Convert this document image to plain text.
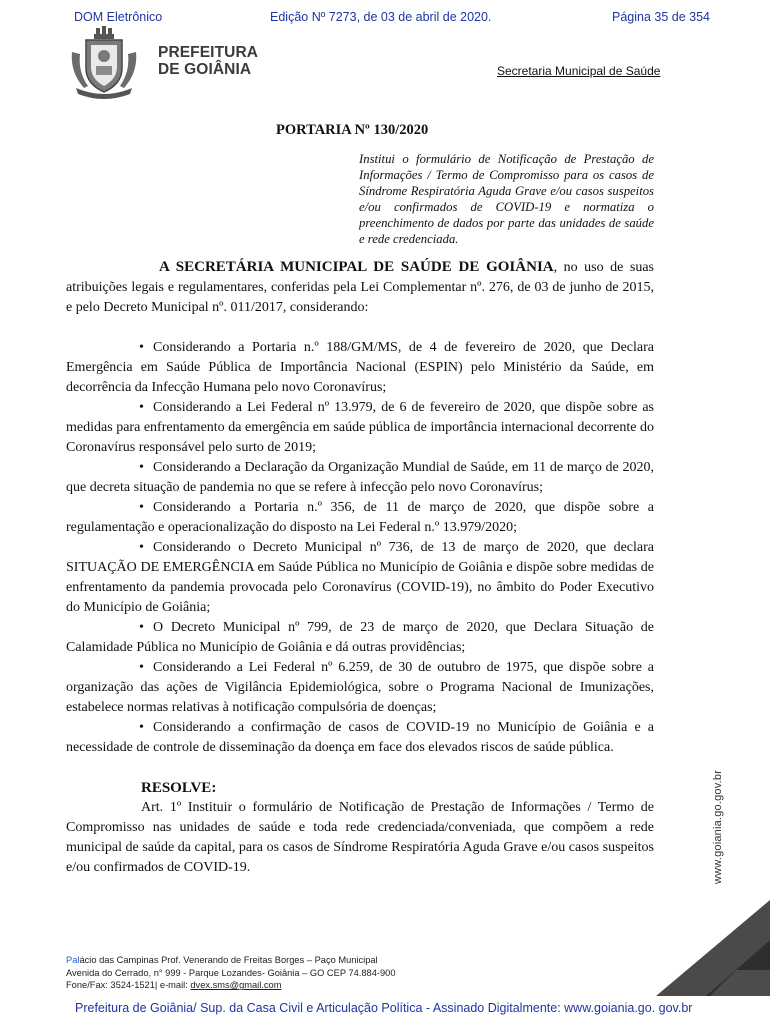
DOM Eletrônico	Edição Nº 7273, de 03 de abril de 2020.	Página 35 de 354
PREFEITURA
DE GOIÂNIA	Secretaria Municipal de Saúde
PORTARIA Nº 130/2020
Institui o formulário de Notificação de Prestação de Informações / Termo de Compromisso para os casos de Síndrome Respiratória Aguda Grave e/ou casos suspeitos e/ou confirmados de COVID-19 e normatiza o preenchimento de dados por parte das unidades de saúde e rede credenciada.

A SECRETÁRIA MUNICIPAL DE SAÚDE DE GOIÂNIA, no uso de suas atribuições legais e regulamentares, conferidas pela Lei Complementar nº. 276, de 03 de junho de 2015, e pelo Decreto Municipal nº. 011/2017, considerando:

• Considerando a Portaria n.º 188/GM/MS, de 4 de fevereiro de 2020, que Declara Emergência em Saúde Pública de Importância Nacional (ESPIN) pelo Ministério da Saúde, em decorrência da Infecção Humana pelo novo Coronavírus;

• Considerando a Lei Federal nº 13.979, de 6 de fevereiro de 2020, que dispõe sobre as medidas para enfrentamento da emergência em saúde pública de importância internacional decorrente do Coronavírus responsável pelo surto de 2019;

• Considerando a Declaração da Organização Mundial de Saúde, em 11 de março de 2020, que decreta situação de pandemia no que se refere à infecção pelo novo Coronavírus;

• Considerando a Portaria n.º 356, de 11 de março de 2020, que dispõe sobre a regulamentação e operacionalização do disposto na Lei Federal n.º 13.979/2020;

• Considerando o Decreto Municipal nº 736, de 13 de março de 2020, que declara SITUAÇÃO DE EMERGÊNCIA em Saúde Pública no Município de Goiânia e dispõe sobre medidas de enfrentamento da pandemia provocada pelo Coronavírus (COVID-19), no âmbito do Poder Executivo do Município de Goiânia;

• O Decreto Municipal nº 799, de 23 de março de 2020, que Declara Situação de Calamidade Pública no Município de Goiânia e dá outras providências;

• Considerando a Lei Federal nº 6.259, de 30 de outubro de 1975, que dispõe sobre a organização das ações de Vigilância Epidemiológica, sobre o Programa Nacional de Imunizações, estabelece normas relativas à notificação compulsória de doenças;

• Considerando a confirmação de casos de COVID-19 no Município de Goiânia e a necessidade de controle de disseminação da doença em face dos elevados riscos de saúde pública.

RESOLVE:

Art. 1º Instituir o formulário de Notificação de Prestação de Informações / Termo de Compromisso nas unidades de saúde e toda rede credenciada/conveniada, que compõem a rede municipal de saúde da capital, para os casos de Síndrome Respiratória Aguda Grave e/ou casos suspeitos e/ou confirmados de COVID-19.	www.goiania.go.gov.br
Palácio das Campinas Prof. Venerando de Freitas Borges – Paço Municipal
Avenida do Cerrado, n° 999 - Parque Lozandes- Goiânia – GO CEP 74.884-900
Fone/Fax: 3524-1521| e-mail: dvex.sms@gmail.com
Prefeitura de Goiânia/ Sup. da Casa Civil e Articulação Política - Assinado Digitalmente: www.goiania.go. gov.br
